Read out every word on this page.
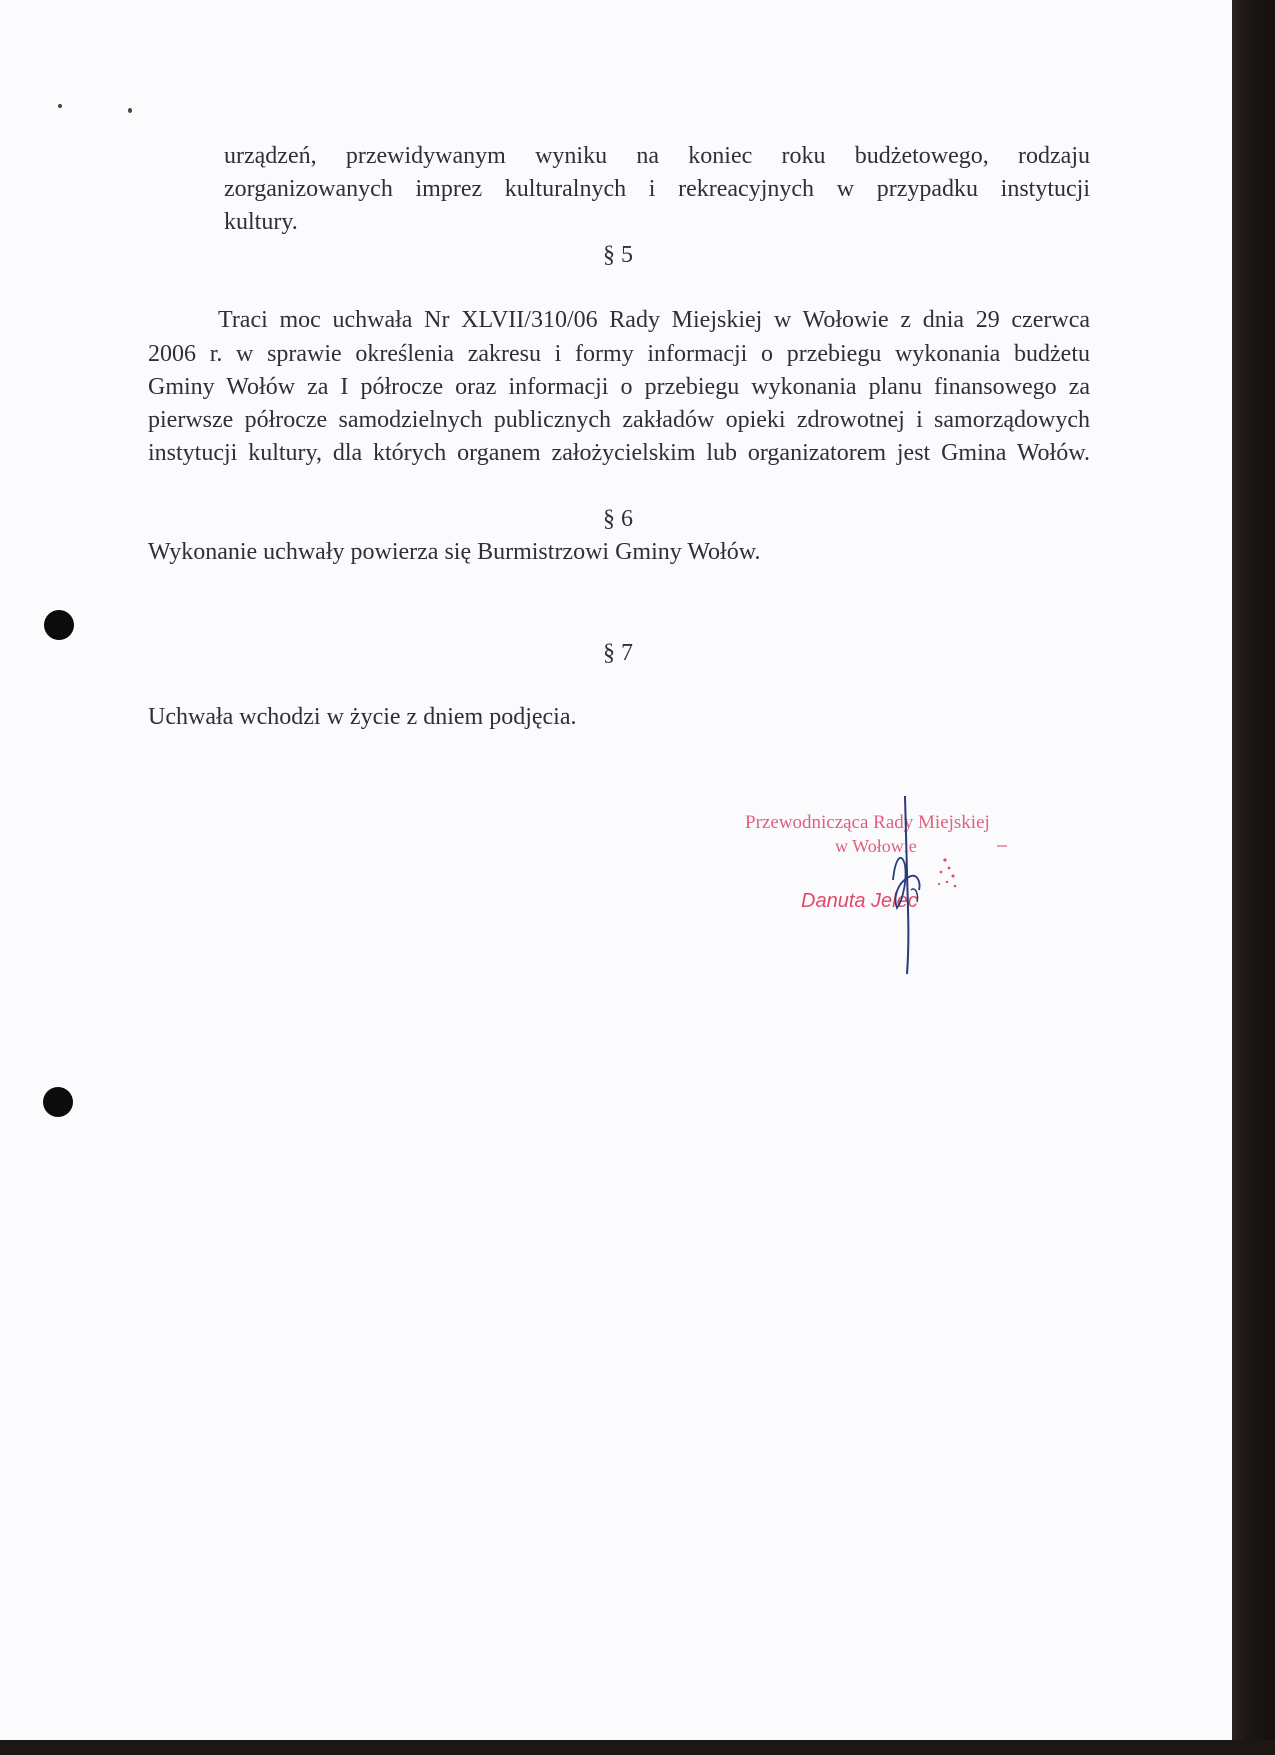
urządzeń, przewidywanym wyniku na koniec roku budżetowego, rodzaju

zorganizowanych imprez kulturalnych i rekreacyjnych w przypadku instytucji

kultury.

§ 5

Traci moc uchwała Nr XLVII/310/06 Rady Miejskiej w Wołowie z dnia 29 czerwca

2006 r. w sprawie określenia zakresu i formy informacji o przebiegu wykonania budżetu

Gminy Wołów za I półrocze oraz informacji o przebiegu wykonania planu finansowego za

pierwsze półrocze samodzielnych publicznych zakładów opieki zdrowotnej i samorządowych

instytucji kultury, dla których organem założycielskim lub organizatorem jest Gmina Wołów.

§ 6

Wykonanie uchwały powierza się Burmistrzowi Gminy Wołów.

§ 7

Uchwała wchodzi w życie z dniem podjęcia.

Przewodnicząca Rady Miejskiej

w Wołowie

Danuta Jelec
